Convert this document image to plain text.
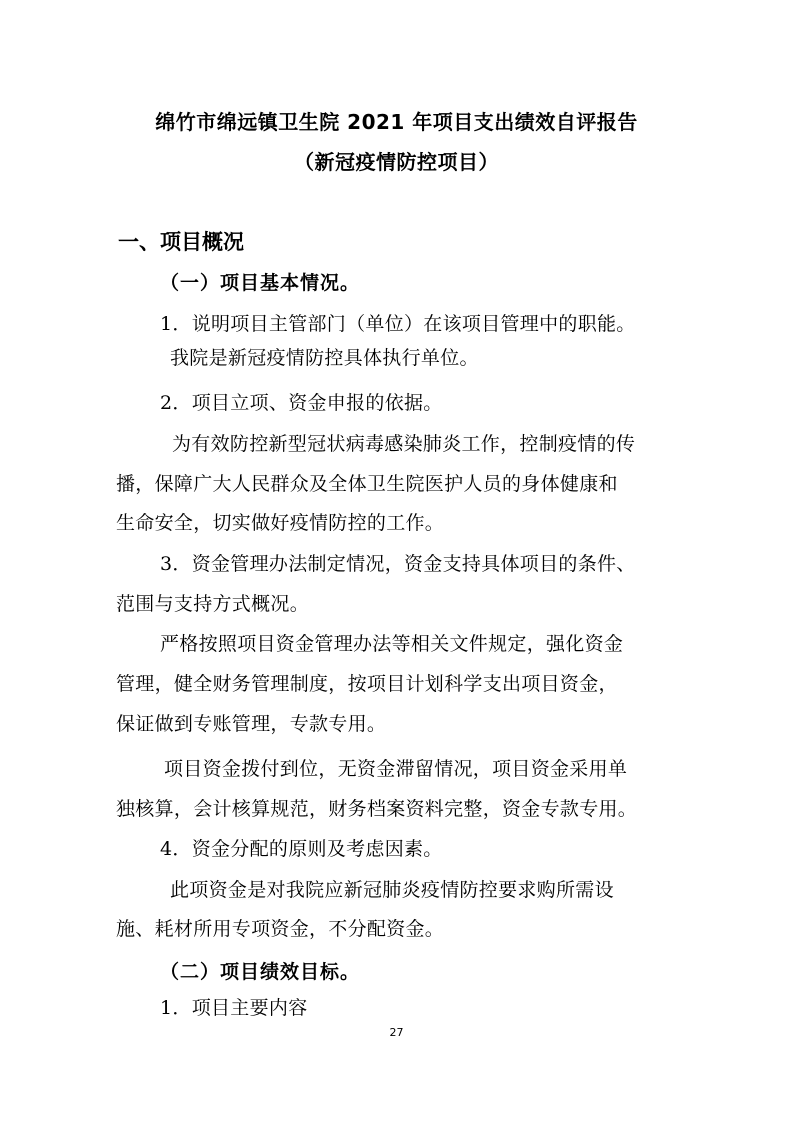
绵竹市绵远镇卫生院 2021 年项目支出绩效自评报告
（新冠疫情防控项目）
一、项目概况
（一）项目基本情况。
1．说明项目主管部门（单位）在该项目管理中的职能。
我院是新冠疫情防控具体执行单位。
2．项目立项、资金申报的依据。
为有效防控新型冠状病毒感染肺炎工作，控制疫情的传
播，保障广大人民群众及全体卫生院医护人员的身体健康和
生命安全，切实做好疫情防控的工作。
3．资金管理办法制定情况，资金支持具体项目的条件、
范围与支持方式概况。
严格按照项目资金管理办法等相关文件规定，强化资金
管理，健全财务管理制度，按项目计划科学支出项目资金，
保证做到专账管理，专款专用。
项目资金拨付到位，无资金滞留情况，项目资金采用单
独核算，会计核算规范，财务档案资料完整，资金专款专用。
4．资金分配的原则及考虑因素。
此项资金是对我院应新冠肺炎疫情防控要求购所需设
施、耗材所用专项资金，不分配资金。
（二）项目绩效目标。
1．项目主要内容
27
